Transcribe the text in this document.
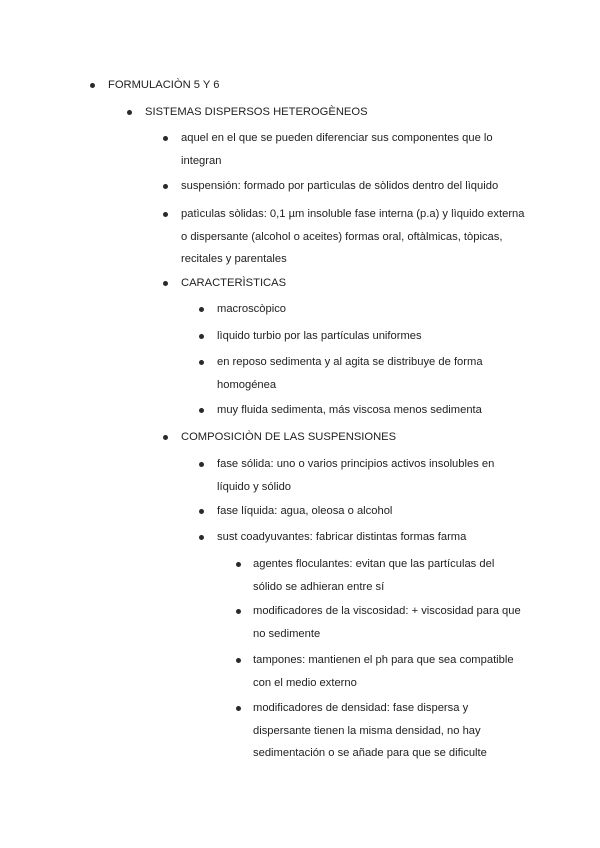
FORMULACIÒN 5 Y 6
SISTEMAS DISPERSOS HETEROGÈNEOS
aquel en el que se pueden diferenciar sus componentes que lo integran
suspensión: formado por partìculas de sòlidos dentro del lìquido
patìculas sòlidas: 0,1 µm insoluble fase interna (p.a) y lìquido externa o dispersante (alcohol o aceites) formas oral, oftàlmicas, tòpicas, recitales y parentales
CARACTERÌSTICAS
macroscòpico
lìquido turbio por las partículas uniformes
en reposo sedimenta y al agita se distribuye de forma homogénea
muy fluida sedimenta, más viscosa menos sedimenta
COMPOSICIÒN DE LAS SUSPENSIONES
fase sólida: uno o varios principios activos insolubles en líquido y sólido
fase líquida: agua, oleosa o alcohol
sust coadyuvantes: fabricar distintas formas farma
agentes floculantes: evitan que las partículas del sólido se adhieran entre sí
modificadores de la viscosidad: + viscosidad para que no sedimente
tampones: mantienen el ph para que sea compatible con el medio externo
modificadores de densidad: fase dispersa y dispersante tienen la misma densidad, no hay sedimentación o se añade para que se dificulte
